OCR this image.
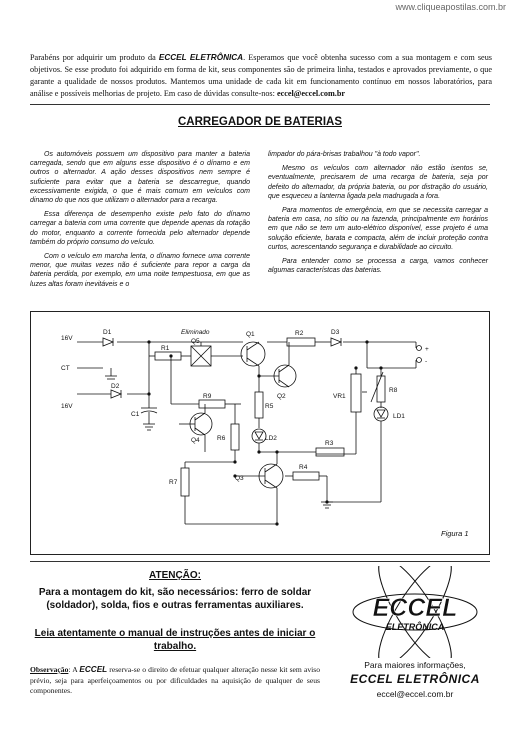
www.cliqueapostilas.com.br
Parabéns por adquirir um produto da ECCEL ELETRÔNICA. Esperamos que você obtenha sucesso com a sua montagem e com seus objetivos. Se esse produto foi adquirido em forma de kit, seus componentes são de primeira linha, testados e aprovados previamente, o que garante a qualidade de nossos produtos. Mantemos uma unidade de cada kit em funcionamento contínuo em nossos laboratórios, para análise e possíveis melhorias de projeto. Em caso de dúvidas consulte-nos: eccel@eccel.com.br
CARREGADOR DE BATERIAS

Os automóveis possuem um dispositivo para manter a bateria carregada, sendo que em alguns esse dispositivo é o dínamo e em outros o alternador. A ação desses dispositivos nem sempre é suficiente para evitar que a bateria se descarregue, quando excessivamente exigida, o que é mais comum em veículos com dinamo do que nos que utilizam o alternador para a recarga.

Essa diferença de desempenho existe pelo fato do dínamo carregar a bateria com uma corrente que depende apenas da rotação do motor, enquanto a corrente fornecida pelo alternador depende também do próprio consumo do veículo.

Com o veículo em marcha lenta, o dínamo fornece uma corrente menor, que muitas vezes não é suficiente para repor a carga da bateria perdida, por exemplo, em uma noite tempestuosa, em que as luzes altas foram inevitáveis e o

limpador do pára-brisas trabalhou "à todo vapor".

Mesmo os veículos com alternador não estão isentos se, eventualmente, precisarem de uma recarga de bateria, seja por defeito do alternador, da própria bateria, ou por distração do usuário, que esqueceu a lanterna ligada pela madrugada a fora.

Para momentos de emergência, em que se necessita carregar a bateria em casa, no sítio ou na fazenda, principalmente em horários em que não se tem um auto-elétrico disponível, esse projeto é uma solução eficiente, barata e compacta, além de incluir proteção contra curtos, acrescentando segurança e durabilidade ao circuito.

Para entender como se processa a carga, vamos conhecer algumas característcas das baterias.

16V
CT
16V
D1
D2
D3
Eliminado
Q5
Q1
Q2
Q3
Q4
R1
R2
R3
R4
R5
R6
R7
R8
R9
C1
VR1
LD1
LD2
+
-
Figura 1
ATENÇÃO:
Para a montagem do kit, são necessários: ferro de soldar (soldador), solda, fios e outras ferramentas auxiliares.
Leia atentamente o manual de instruções antes de iniciar o trabalho.
Observação: A ECCEL reserva-se o direito de efetuar qualquer alteração nesse kit sem aviso prévio, seja para aperfeiçoamentos ou por dificuldades na aquisição de qualquer de seus componentes.
ECCEL
ELETRÔNICA
Para maiores informações,
ECCEL ELETRÔNICA
eccel@eccel.com.br
